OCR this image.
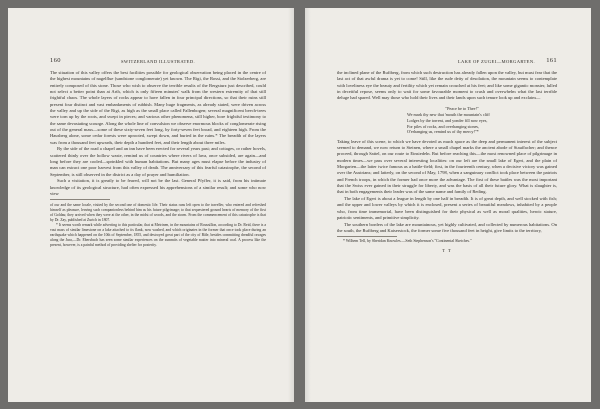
160	SWITZERLAND ILLUSTRATED.

The situation of this valley offers the best facilities possible for geological observation being placed in the centre of the highest mountains of nagelflue (sandstone conglomerate) yet known. The Rigi, the Rossi, and the Stolzerberg, are entirely composed of this stone. Those who wish to observe the terrible results of the Bergsturz just described, could not select a better point than at Arth, which is only fifteen minutes' walk from the western extremity of that still frightful chaos. The whole layers of rocks appear to have fallen in four principal directions, so that their ruins still present four distinct and vast embankments of rubbish. Many huge fragments, as already stated, were driven across the valley and up the side of the Rigi, as high as the small place called Fallenbogen; several magnificent beech-trees were torn up by the roots, and swept in pieces; and various other phenomena, still higher, bore frightful testimony to the same devastating scourge. Along the whole line of convulsion we observe enormous blocks of conglomerate rising out of the general mass—some of these sixty-seven feet long, by forty-seven feet broad, and eighteen high. From the Hausberg alone, some cedar forests were uprooted, swept down, and buried in the ruins.* The breadth of the layers was from a thousand feet upwards, their depth a hundred feet, and their length about three miles.

By the side of the road a chapel and an inn have been erected for several years past; and cottages, or rather hovels, scattered thinly over the hollow waste, remind us of countries where rivers of lava, once subsided, are again—and long before they are cooled—sprinkled with human habitations. But many ages must elapse before the industry of man can extract one poor harvest from this valley of death. The anniversary of this fearful catastrophe, the second of September, is still observed in the district as a day of prayer and humiliation.

Such a visitation, it is greatly to be feared, will not be the last. General Pfyffer, it is said, from his intimate knowledge of its geological structure, had often expressed his apprehensions of a similar result; and some who now view

of our and the same locale, visited by the second one of domestic life. Their status runs left open to the traveller, who entered and refreshed himself as pleasure, leaving such companionless behind him as his future pilgrimage; to that sequestered ground hearts of memory of the first of Goldau; they arrived when they were at the other, in the midst of woods, and the storm. From the commencement of this catastrophe is that by Dr. Zay, published at Zurich in 1807.

* It seems worth remark while adverting to this particular, that at Meirinen, in the mountains of Roussillon, according to Dr. Reid, there is a vast mass of similar limestone on a lake attached to its flank, now washed, and which originates in the former that once took place during an earthquake which happened on the 10th of September, 1855, and destroyed great part of the city of Bâle, besides committing dreadful ravages along the Jura,—Dr. Ebersbach has seen some similar experiences on the summits of vegetable matter into mineral coal. A process like the present, however, is a painful method of providing shelter for posterity.

LAKE OF ZUGEI—MORGARTEN.	161

the inclined plane of the Rufiberg, from which such destruction has already fallen upon the valley, but must fear that the last act of that awful drama is yet to come! Still, like the rude deity of desolation, the mountain seems to contemplate with loveliness eye the beauty and fertility which yet remain crouched at his feet; and like some gigantic monster, lulled in deceitful repose, seems only to wait for some favourable moment to crush and overwhelm what the last terrible deluge had spared. Well may those who hold their lives and their lands upon such tenure look up and exclaim—

"Peace be to Thee!"
We mark thy new that 'mouth the mountain's cliff
Lodges by the torrent, and yonder fill now eyes,
For piles of rocks, and overhanging stones,
O'erhanging us, remind us of thy mercy!"*

Taking leave of this scene, to which we have devoted as much space as the deep and permanent interest of the subject seemed to demand, we now return to Steinen, where a small chapel marks the ancient abode of Stauffacher; and thence proceed, through Sattel, on our route to Einsiedeln. But before reaching this—the most renowned place of pilgrimage in modern times—we pass over several interesting localities: on our left are the small lake of Egeri, and the plain of Morgarten—the latter twice famous as a battle-field; first, in the fourteenth century, when a decisive victory was gained over the Austrians; and latterly, on the second of May, 1798, when a sanguinary conflict took place between the patriots and French troops, in which the former had once more the advantage. The first of these battles was the most important that the Swiss ever gained in their struggle for liberty, and was the basis of all their future glory. What is slaughter is, that in both engagements their leader was of the same name and family of Reding.

The lake of Egeri is about a league in length by one half in breadth. It is of great depth, and well stocked with fish; and the upper and lower valleys by which it is enclosed, present a series of beautiful meadows, inhabited by a people who, from time immemorial, have been distinguished for their physical as well as moral qualities, heroic stature, patriotic sentiments, and primitive simplicity.

The southern borders of the lake are mountainous, yet highly cultivated, and collected by numerous habitations. On the south, the Rufiberg and Kaiserstock, the former some five thousand feet in height, give limits to the territory,

* Wilhem Tell, by Sheridan Knowles.—Seth Stephenson's "Continental Sketches."
T T
